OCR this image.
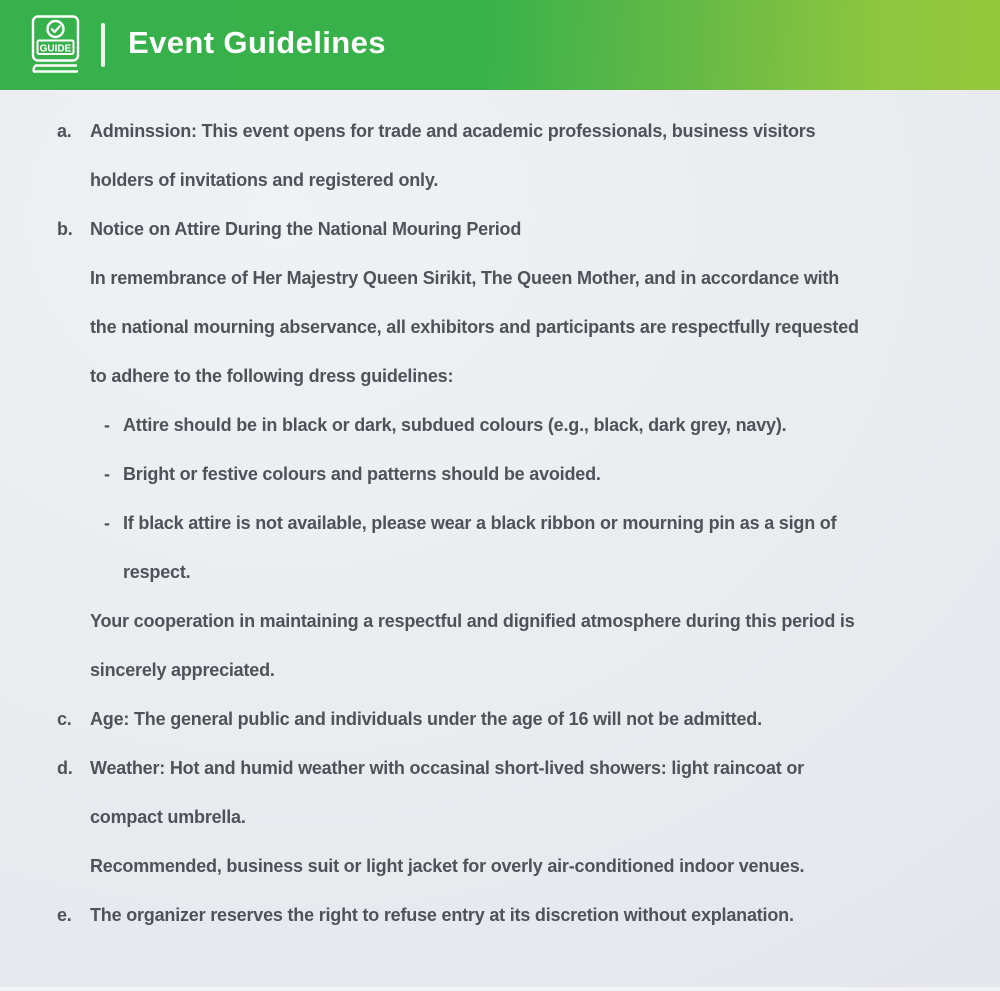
GUIDE Event Guidelines
a. Adminssion: This event opens for trade and academic professionals, business visitors
holders of invitations and registered only.
b. Notice on Attire During the National Mouring Period
In remembrance of Her Majestry Queen Sirikit, The Queen Mother, and in accordance with
the national mourning abservance, all exhibitors and participants are respectfully requested
to adhere to the following dress guidelines:
- Attire should be in black or dark, subdued colours (e.g., black, dark grey, navy).
- Bright or festive colours and patterns should be avoided.
- If black attire is not available, please wear a black ribbon or mourning pin as a sign of
respect.
Your cooperation in maintaining a respectful and dignified atmosphere during this period is
sincerely appreciated.
c. Age: The general public and individuals under the age of 16 will not be admitted.
d. Weather: Hot and humid weather with occasinal short-lived showers: light raincoat or
compact umbrella.
Recommended, business suit or light jacket for overly air-conditioned indoor venues.
e. The organizer reserves the right to refuse entry at its discretion without explanation.
